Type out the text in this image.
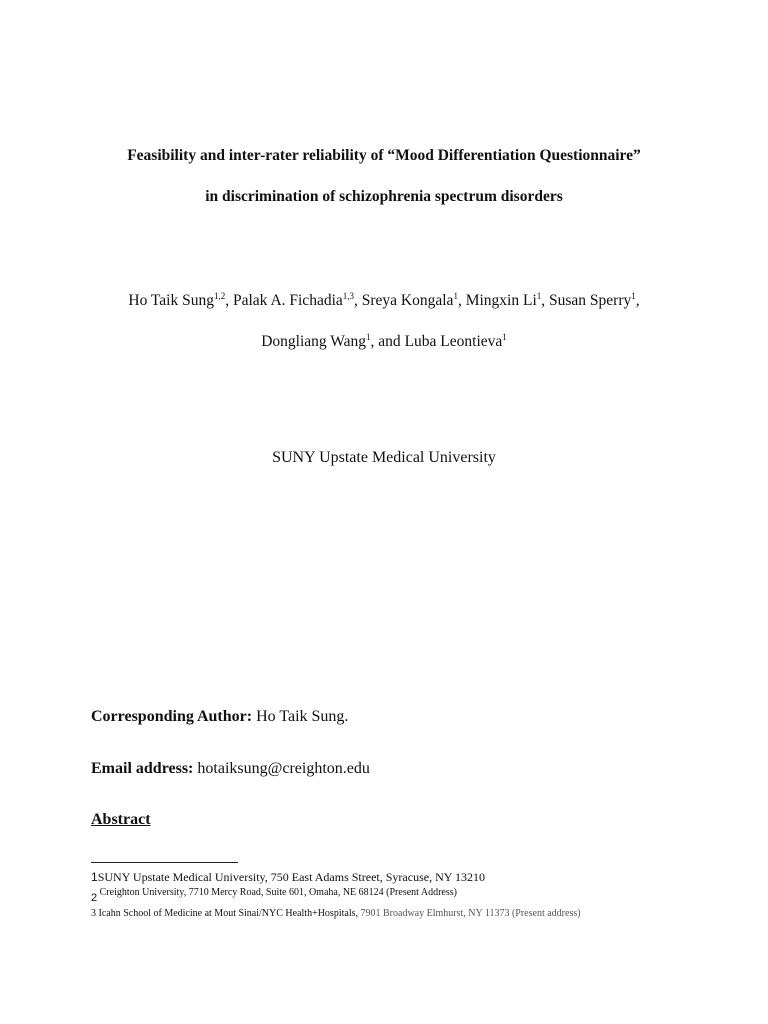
Feasibility and inter-rater reliability of “Mood Differentiation Questionnaire”
in discrimination of schizophrenia spectrum disorders
Ho Taik Sung$^{1,2}$, Palak A. Fichadia$^{1,3}$, Sreya Kongala$^1$, Mingxin Li$^1$, Susan Sperry$^1$,
Dongliang Wang$^1$, and Luba Leontieva$^1$
SUNY Upstate Medical University
Corresponding Author: Ho Taik Sung.
Email address: hotaiksung@creighton.edu
Abstract
1SUNY Upstate Medical University, 750 East Adams Street, Syracuse, NY 13210
2 Creighton University, 7710 Mercy Road, Suite 601, Omaha, NE 68124 (Present Address)
3 Icahn School of Medicine at Mout Sinai/NYC Health+Hospitals, 7901 Broadway Elmhurst, NY 11373 (Present address)
